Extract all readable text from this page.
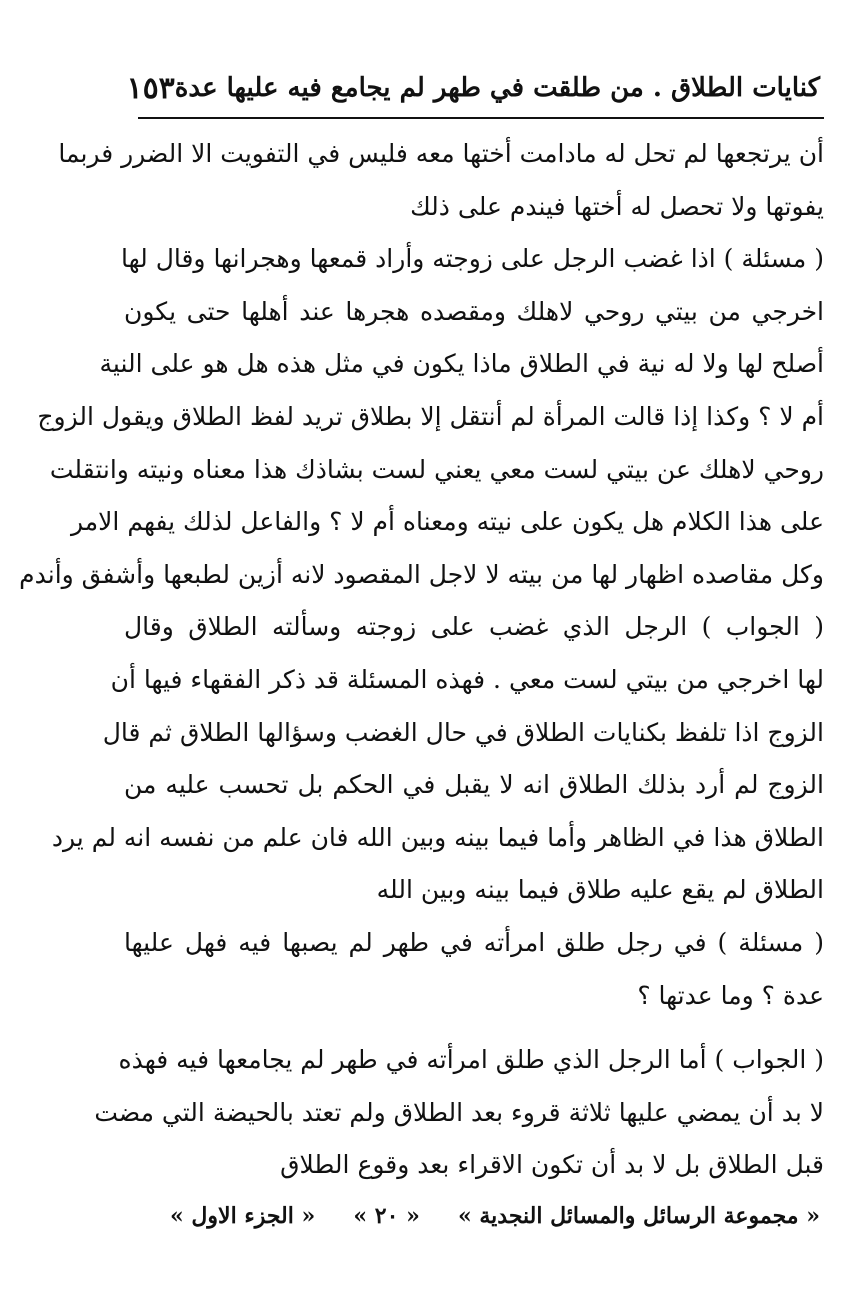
كنايات الطلاق . من طلقت في طهر لم يجامع فيه عليها عدة
١٥٣
أن يرتجعها لم تحل له مادامت أختها معه فليس في التفويت الا الضرر فربما
يفوتها ولا تحصل له أختها فيندم على ذلك
( مسئلة ) اذا غضب الرجل على زوجته وأراد قمعها وهجرانها وقال لها
اخرجي من بيتي روحي لاهلك ومقصده هجرها عند أهلها حتى يكون
أصلح لها ولا له نية في الطلاق ماذا يكون في مثل هذه هل هو على النية
أم لا ؟ وكذا إذا قالت المرأة لم أنتقل إلا بطلاق تريد لفظ الطلاق ويقول الزوج
روحي لاهلك عن بيتي لست معي يعني لست بشاذك هذا معناه ونيته وانتقلت
على هذا الكلام هل يكون على نيته ومعناه أم لا ؟ والفاعل لذلك يفهم الامر
وكل مقاصده اظهار لها من بيته لا لاجل المقصود لانه أزين لطبعها وأشفق وأندم
( الجواب ) الرجل الذي غضب على زوجته وسألته الطلاق وقال
لها اخرجي من بيتي لست معي . فهذه المسئلة قد ذكر الفقهاء فيها أن
الزوج اذا تلفظ بكنايات الطلاق في حال الغضب وسؤالها الطلاق ثم قال
الزوج لم أرد بذلك الطلاق انه لا يقبل في الحكم بل تحسب عليه من
الطلاق هذا في الظاهر وأما فيما بينه وبين الله فان علم من نفسه انه لم يرد
الطلاق لم يقع عليه طلاق فيما بينه وبين الله
( مسئلة ) في رجل طلق امرأته في طهر لم يصبها فيه فهل عليها
عدة ؟ وما عدتها ؟
( الجواب ) أما الرجل الذي طلق امرأته في طهر لم يجامعها فيه فهذه
لا بد أن يمضي عليها ثلاثة قروء بعد الطلاق ولم تعتد بالحيضة التي مضت
قبل الطلاق بل لا بد أن تكون الاقراء بعد وقوع الطلاق
« مجموعة الرسائل والمسائل النجدية »
« ٢٠ »
« الجزء الاول »
